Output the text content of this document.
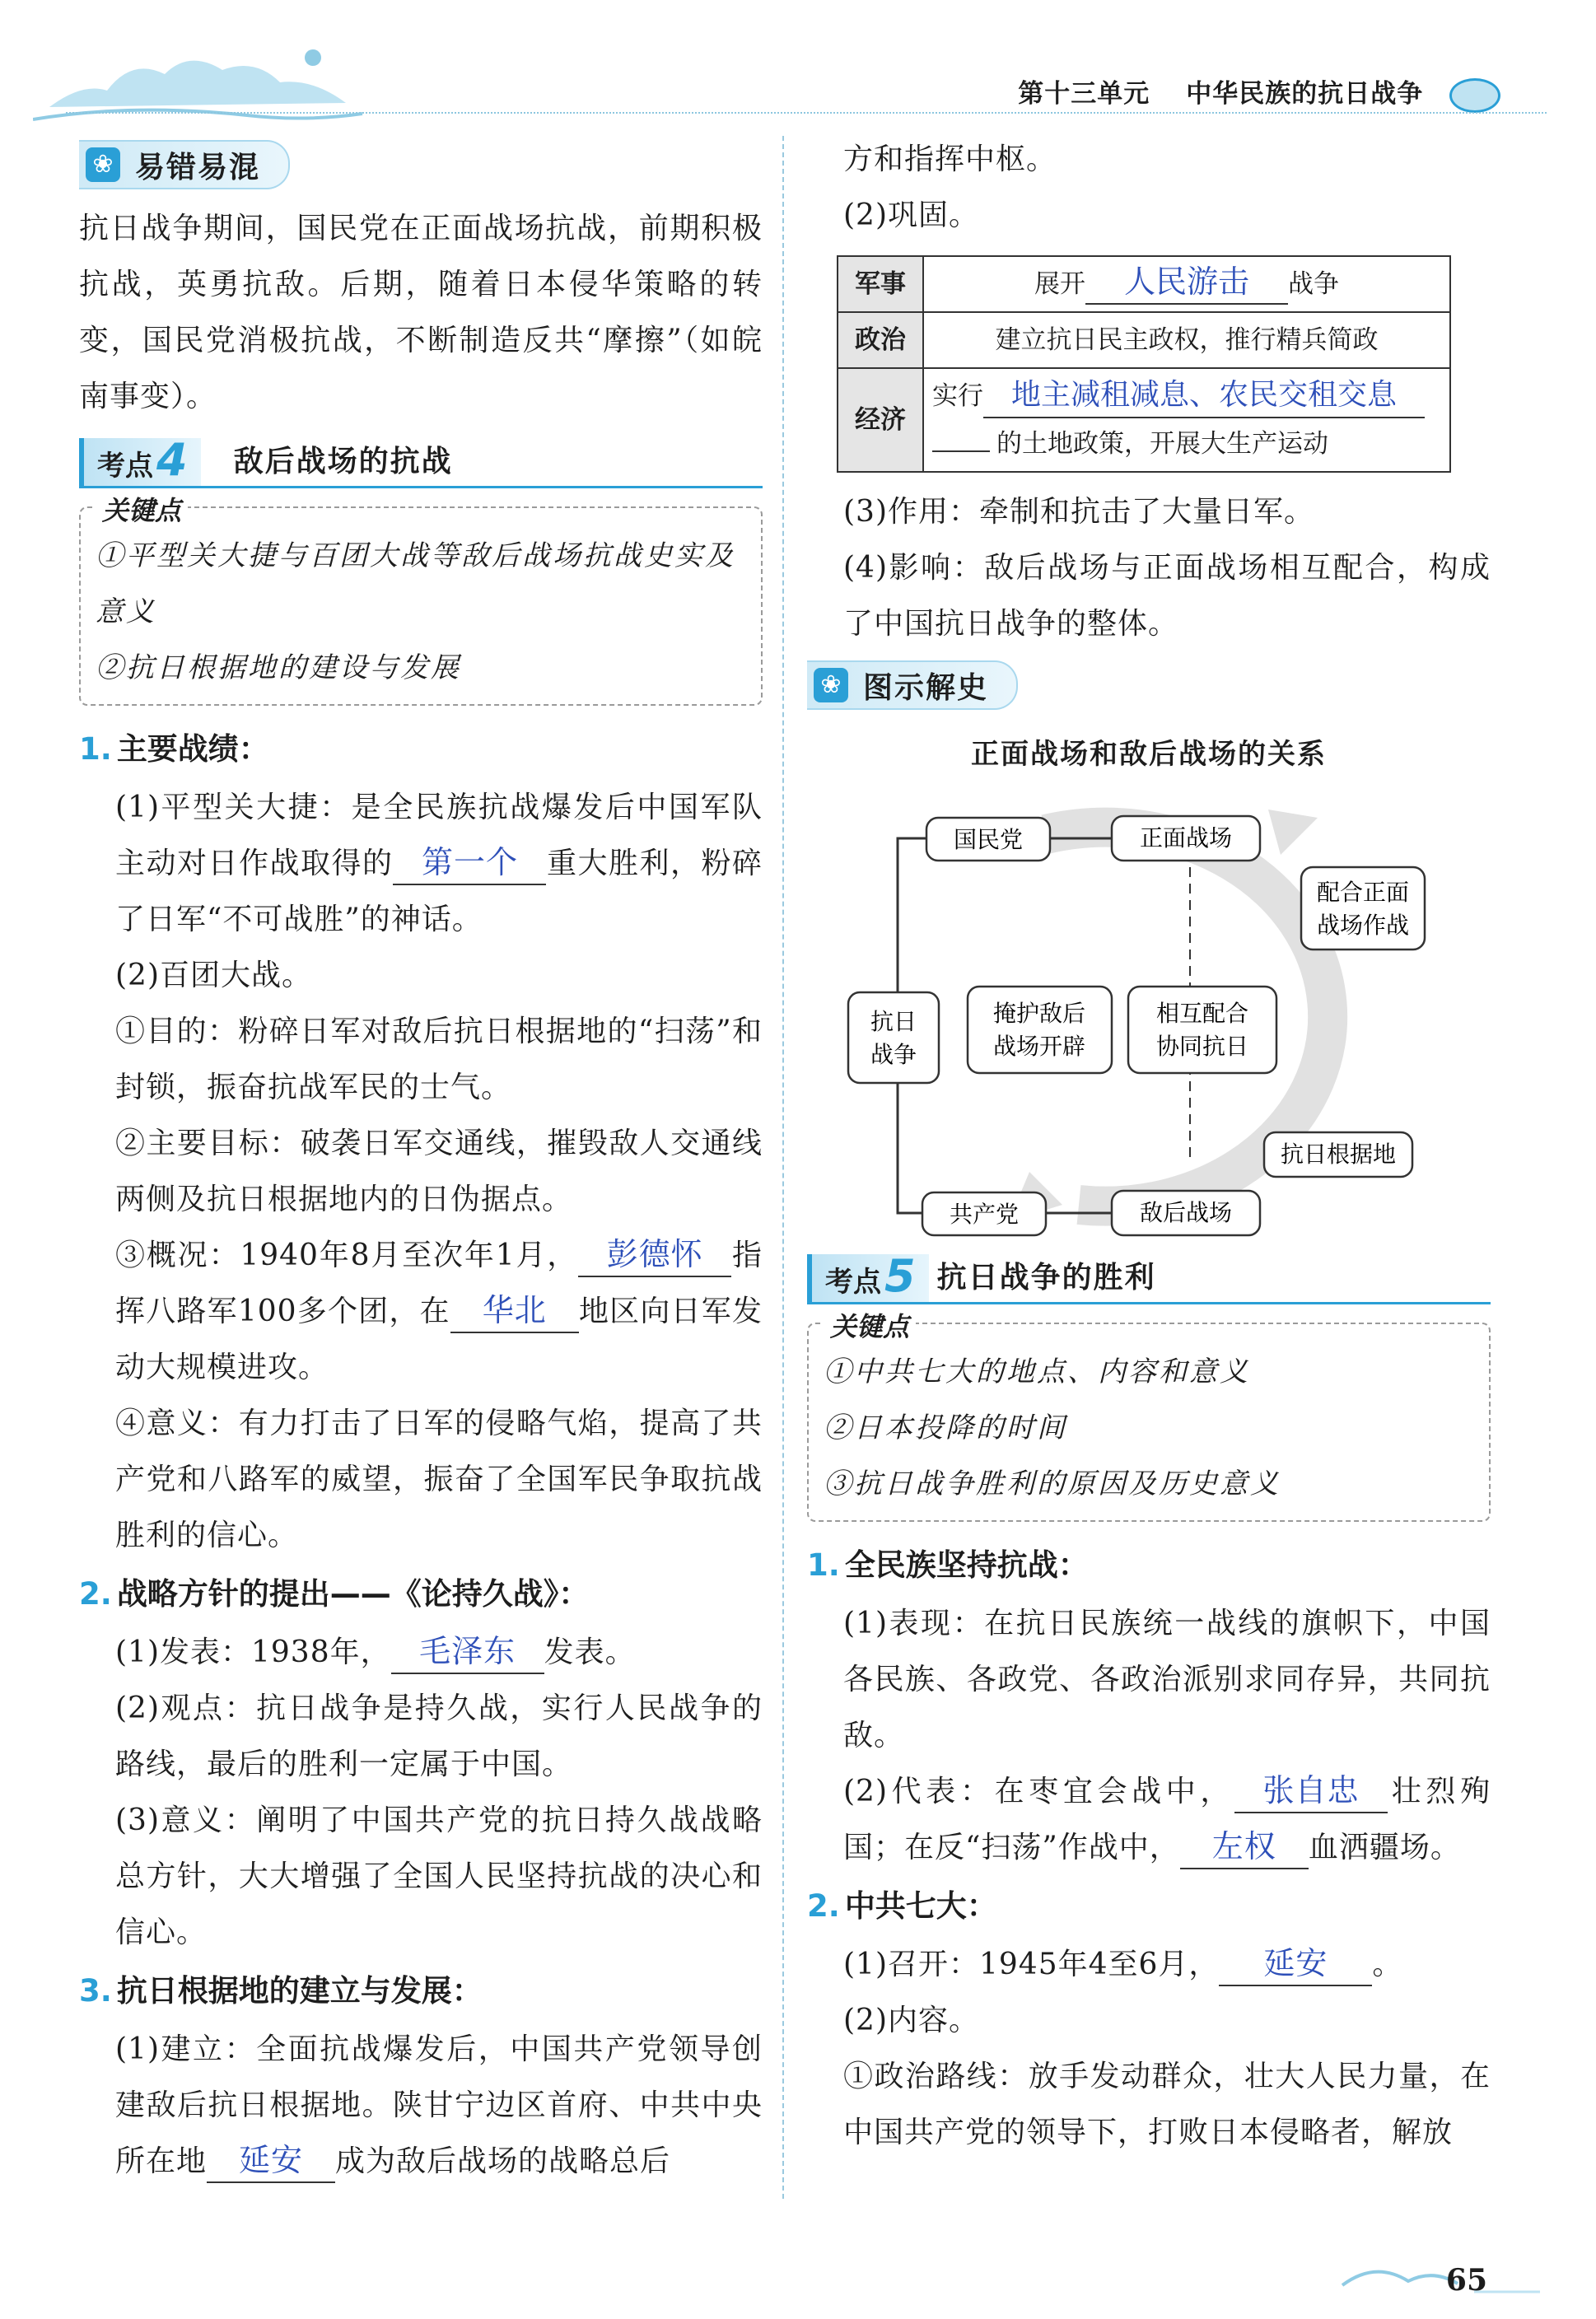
第十三单元 中华民族的抗日战争
❀ 易错易混

抗日战争期间，国民党在正面战场抗战，前期积极抗战，英勇抗敌。后期，随着日本侵华策略的转变，国民党消极抗战，不断制造反共“摩擦”（如皖南事变）。

考点 4 敌后战场的抗战
关键点

①平型关大捷与百团大战等敌后战场抗战史实及意义

②抗日根据地的建设与发展

1. 主要战绩：

(1)平型关大捷：是全民族抗战爆发后中国军队主动对日作战取得的 第一个 重大胜利，粉碎了日军“不可战胜”的神话。

(2)百团大战。

①目的：粉碎日军对敌后抗日根据地的“扫荡”和封锁，振奋抗战军民的士气。

②主要目标：破袭日军交通线，摧毁敌人交通线两侧及抗日根据地内的日伪据点。

③概况：1940年8月至次年1月， 彭德怀 指挥八路军100多个团，在 华北 地区向日军发动大规模进攻。

④意义：有力打击了日军的侵略气焰，提高了共产党和八路军的威望，振奋了全国军民争取抗战胜利的信心。

2. 战略方针的提出——《论持久战》：

(1)发表：1938年， 毛泽东 发表。

(2)观点：抗日战争是持久战，实行人民战争的路线，最后的胜利一定属于中国。

(3)意义：阐明了中国共产党的抗日持久战战略总方针，大大增强了全国人民坚持抗战的决心和信心。

3. 抗日根据地的建立与发展：

(1)建立：全面抗战爆发后，中国共产党领导创建敌后抗日根据地。陕甘宁边区首府、中共中央所在地 延安 成为敌后战场的战略总后

方和指挥中枢。

(2)巩固。

军事	展开 人民游击 战争
政治	建立抗日民主政权，推行精兵简政
经济	实行 地主减租减息、农民交租交息
的土地政策，开展大生产运动

(3)作用：牵制和抗击了大量日军。

(4)影响：敌后战场与正面战场相互配合，构成了中国抗日战争的整体。

❀ 图示解史
正面战场和敌后战场的关系
国民党	正面战场
配合正面
战场作战
抗日
战争
掩护敌后
战场开辟
相互配合
协同抗日
抗日根据地
共产党	敌后战场
考点 5 抗日战争的胜利
关键点

①中共七大的地点、内容和意义

②日本投降的时间

③抗日战争胜利的原因及历史意义

1. 全民族坚持抗战：

(1)表现：在抗日民族统一战线的旗帜下，中国各民族、各政党、各政治派别求同存异，共同抗敌。

(2)代表：在枣宜会战中， 张自忠 壮烈殉国；在反“扫荡”作战中， 左权 血洒疆场。

2. 中共七大：

(1)召开：1945年4至6月， 延安 。

(2)内容。

①政治路线：放手发动群众，壮大人民力量，在中国共产党的领导下，打败日本侵略者，解放

65
